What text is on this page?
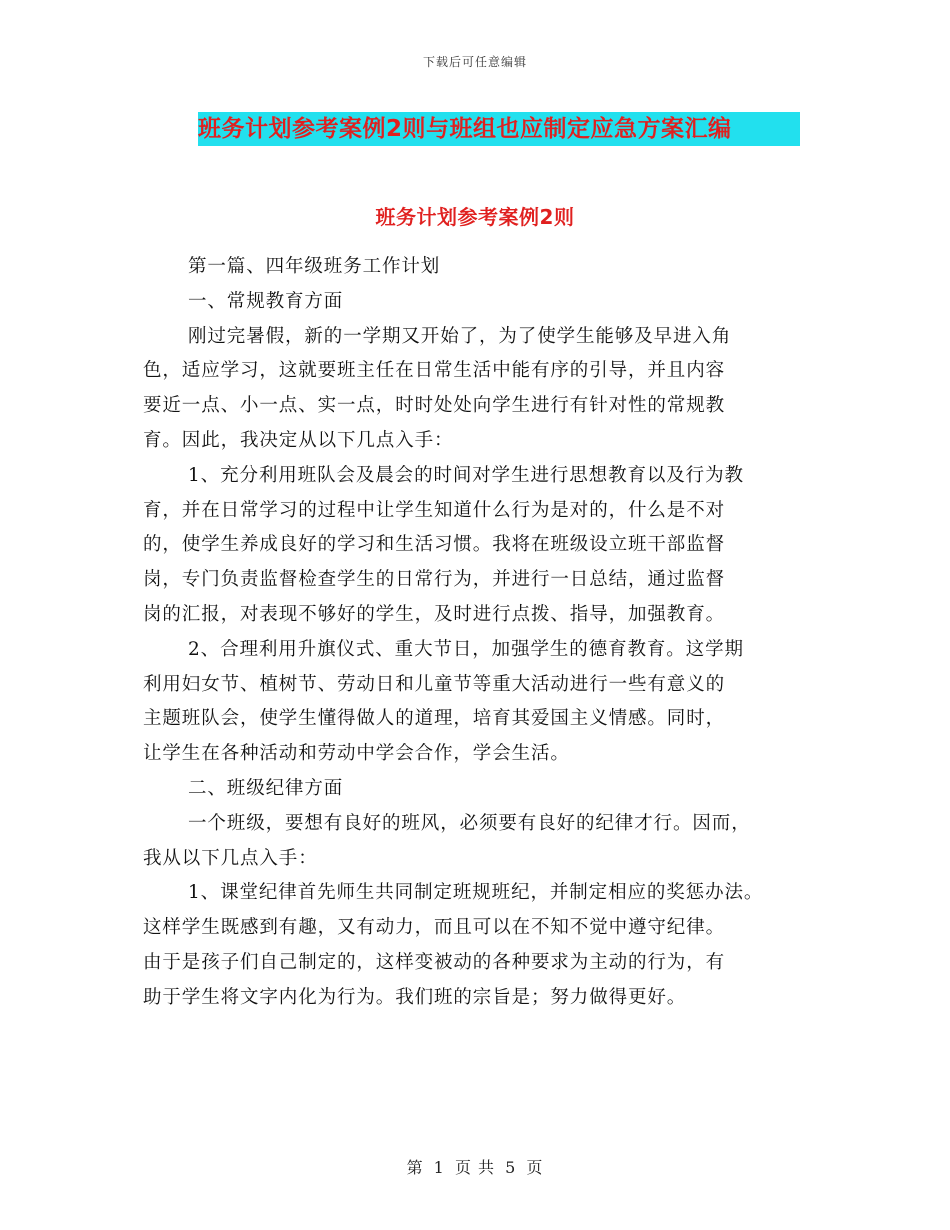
下载后可任意编辑
班务计划参考案例2则与班组也应制定应急方案汇编
班务计划参考案例2则
第一篇、四年级班务工作计划
一、常规教育方面
刚过完暑假，新的一学期又开始了，为了使学生能够及早进入角
色，适应学习，这就要班主任在日常生活中能有序的引导，并且内容
要近一点、小一点、实一点，时时处处向学生进行有针对性的常规教
育。因此，我决定从以下几点入手：
1、充分利用班队会及晨会的时间对学生进行思想教育以及行为教
育，并在日常学习的过程中让学生知道什么行为是对的，什么是不对
的，使学生养成良好的学习和生活习惯。我将在班级设立班干部监督
岗，专门负责监督检查学生的日常行为，并进行一日总结，通过监督
岗的汇报，对表现不够好的学生，及时进行点拨、指导，加强教育。
2、合理利用升旗仪式、重大节日，加强学生的德育教育。这学期
利用妇女节、植树节、劳动日和儿童节等重大活动进行一些有意义的
主题班队会，使学生懂得做人的道理，培育其爱国主义情感。同时，
让学生在各种活动和劳动中学会合作，学会生活。
二、班级纪律方面
一个班级，要想有良好的班风，必须要有良好的纪律才行。因而，
我从以下几点入手：
1、课堂纪律首先师生共同制定班规班纪，并制定相应的奖惩办法。
这样学生既感到有趣，又有动力，而且可以在不知不觉中遵守纪律。
由于是孩子们自己制定的，这样变被动的各种要求为主动的行为，有
助于学生将文字内化为行为。我们班的宗旨是；努力做得更好。
第 1 页 共 5 页
